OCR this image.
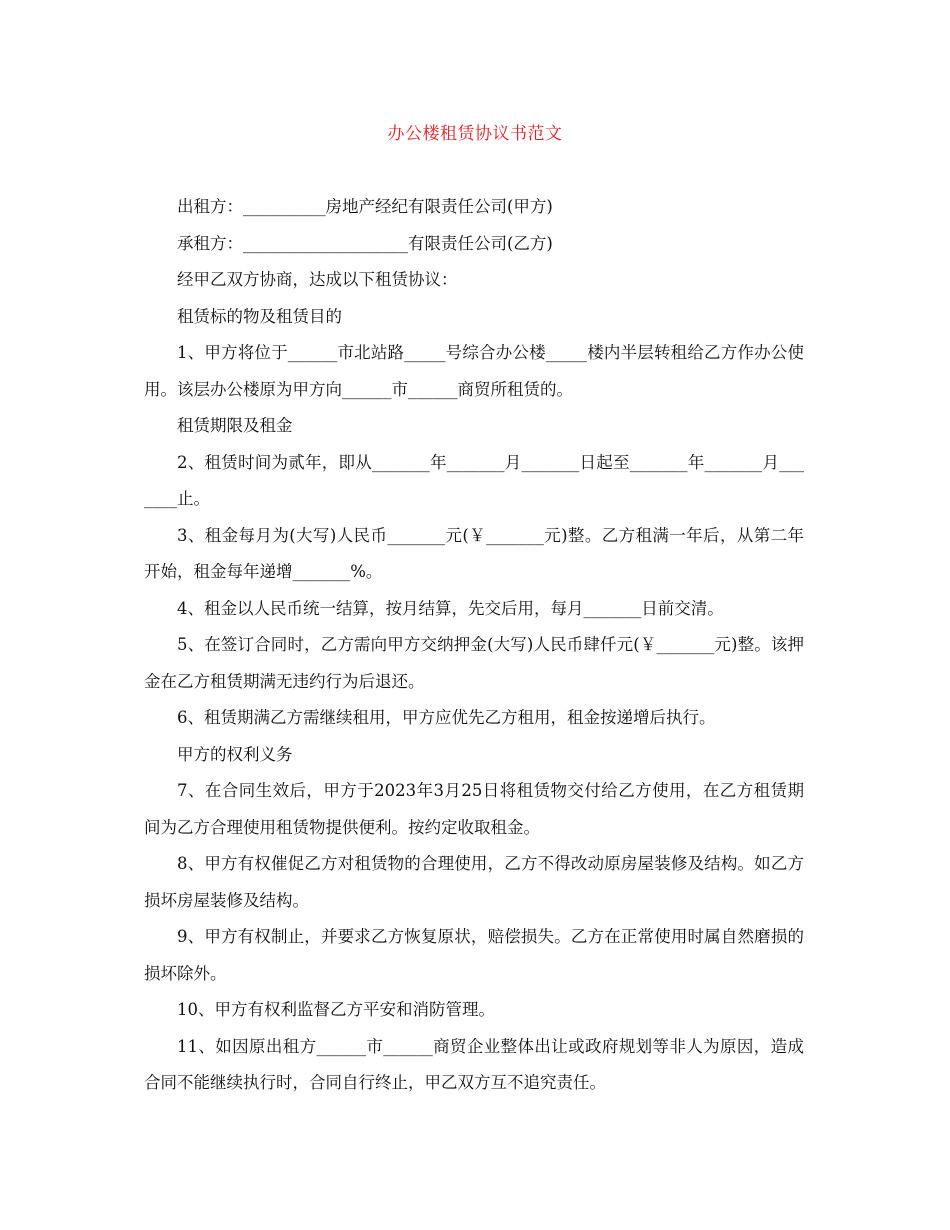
办公楼租赁协议书范文

出租方：__________房地产经纪有限责任公司(甲方)

承租方：____________________有限责任公司(乙方)

经甲乙双方协商，达成以下租赁协议：

租赁标的物及租赁目的

1、甲方将位于______市北站路_____号综合办公楼_____楼内半层转租给乙方作办公使用。该层办公楼原为甲方向______市______商贸所租赁的。

租赁期限及租金

2、租赁时间为贰年，即从_______年_______月_______日起至_______年_______月_______止。

3、租金每月为(大写)人民币_______元(￥_______元)整。乙方租满一年后，从第二年开始，租金每年递增_______%。

4、租金以人民币统一结算，按月结算，先交后用，每月_______日前交清。

5、在签订合同时，乙方需向甲方交纳押金(大写)人民币肆仟元(￥_______元)整。该押金在乙方租赁期满无违约行为后退还。

6、租赁期满乙方需继续租用，甲方应优先乙方租用，租金按递增后执行。

甲方的权利义务

7、在合同生效后，甲方于2023年3月25日将租赁物交付给乙方使用，在乙方租赁期间为乙方合理使用租赁物提供便利。按约定收取租金。

8、甲方有权催促乙方对租赁物的合理使用，乙方不得改动原房屋装修及结构。如乙方损坏房屋装修及结构。

9、甲方有权制止，并要求乙方恢复原状，赔偿损失。乙方在正常使用时属自然磨损的损坏除外。

10、甲方有权利监督乙方平安和消防管理。

11、如因原出租方______市______商贸企业整体出让或政府规划等非人为原因，造成合同不能继续执行时，合同自行终止，甲乙双方互不追究责任。
